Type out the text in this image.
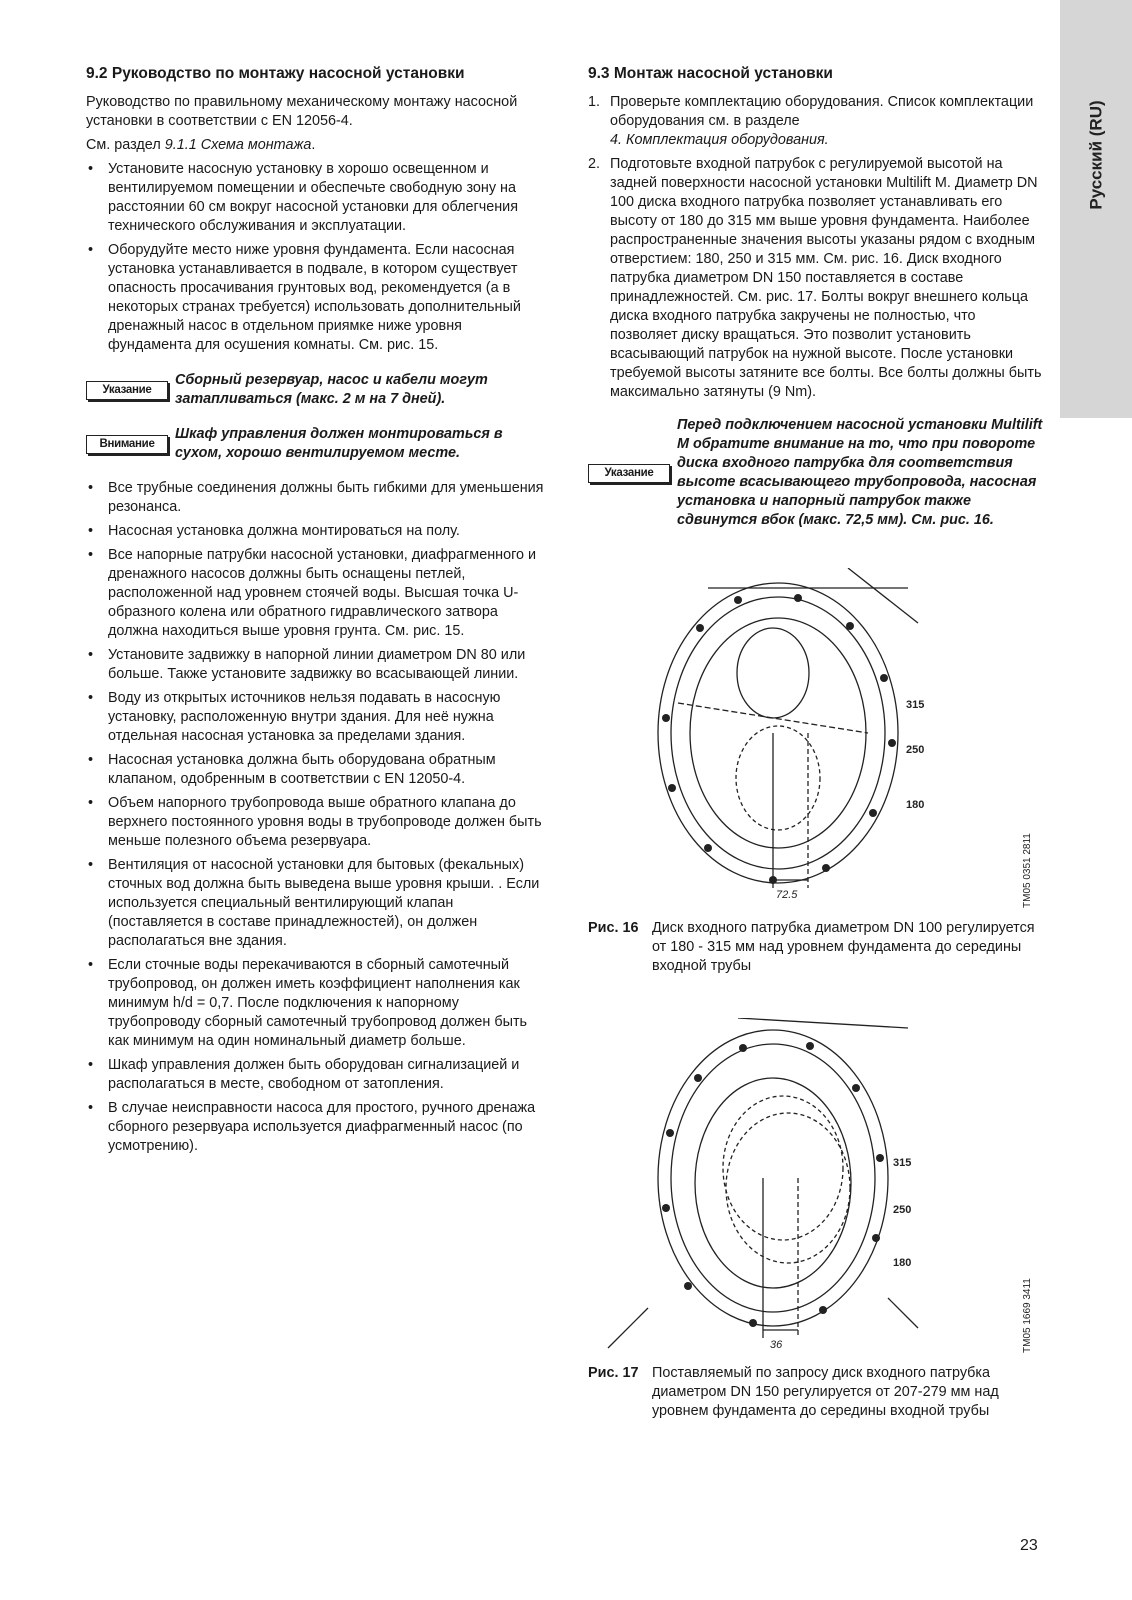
Русский (RU)
9.2 Руководство по монтажу насосной установки

Руководство по правильному механическому монтажу насосной установки в соответствии с EN 12056-4.

См. раздел 9.1.1 Схема монтажа.

• Установите насосную установку в хорошо освещенном и вентилируемом помещении и обеспечьте свободную зону на расстоянии 60 см вокруг насосной установки для облегчения технического обслуживания и эксплуатации.
• Оборудуйте место ниже уровня фундамента. Если насосная установка устанавливается в подвале, в котором существует опасность просачивания грунтовых вод, рекомендуется (а в некоторых странах требуется) использовать дополнительный дренажный насос в отдельном приямке ниже уровня фундамента для осушения комнаты. См. рис. 15.
Указание
Сборный резервуар, насос и кабели могут затапливаться (макс. 2 м на 7 дней).
Внимание
Шкаф управления должен монтироваться в сухом, хорошо вентилируемом месте.
• Все трубные соединения должны быть гибкими для уменьшения резонанса.
• Насосная установка должна монтироваться на полу.
• Все напорные патрубки насосной установки, диафрагменного и дренажного насосов должны быть оснащены петлей, расположенной над уровнем стоячей воды. Высшая точка U-образного колена или обратного гидравлического затвора должна находиться выше уровня грунта. См. рис. 15.
• Установите задвижку в напорной линии диаметром DN 80 или больше. Также установите задвижку во всасывающей линии.
• Воду из открытых источников нельзя подавать в насосную установку, расположенную внутри здания. Для неё нужна отдельная насосная установка за пределами здания.
• Насосная установка должна быть оборудована обратным клапаном, одобренным в соответствии с EN 12050-4.
• Объем напорного трубопровода выше обратного клапана до верхнего постоянного уровня воды в трубопроводе должен быть меньше полезного объема резервуара.
• Вентиляция от насосной установки для бытовых (фекальных) сточных вод должна быть выведена выше уровня крыши. . Если используется специальный вентилирующий клапан (поставляется в составе принадлежностей), он должен располагаться вне здания.
• Если сточные воды перекачиваются в сборный самотечный трубопровод, он должен иметь коэффициент наполнения как минимум h/d = 0,7. После подключения к напорному трубопроводу сборный самотечный трубопровод должен быть как минимум на один номинальный диаметр больше.
• Шкаф управления должен быть оборудован сигнализацией и располагаться в месте, свободном от затопления.
• В случае неисправности насоса для простого, ручного дренажа сборного резервуара используется диафрагменный насос (по усмотрению).
9.3 Монтаж насосной установки
1. Проверьте комплектацию оборудования. Список комплектации оборудования см. в разделе
4. Комплектация оборудования.
2. Подготовьте входной патрубок с регулируемой высотой на задней поверхности насосной установки Multilift M. Диаметр DN 100 диска входного патрубка позволяет устанавливать его высоту от 180 до 315 мм выше уровня фундамента. Наиболее распространенные значения высоты указаны рядом с входным отверстием: 180, 250 и 315 мм. См. рис. 16. Диск входного патрубка диаметром DN 150 поставляется в составе принадлежностей. См. рис. 17. Болты вокруг внешнего кольца диска входного патрубка закручены не полностью, что позволяет диску вращаться. Это позволит установить всасывающий патрубок на нужной высоте. После установки требуемой высоты затяните все болты. Все болты должны быть максимально затянуты (9 Nm).
Указание
Перед подключением насосной установки Multilift M обратите внимание на то, что при повороте диска входного патрубка для соответствия высоте всасывающего трубопровода, насосная установка и напорный патрубок также сдвинутся вбок (макс. 72,5 мм). См. рис. 16.
315
250
180
72.5	TM05 0351 2811
Рис. 16 Диск входного патрубка диаметром DN 100 регулируется от 180 - 315 мм над уровнем фундамента до середины входной трубы
315
250
180
36	TM05 1669 3411
Рис. 17 Поставляемый по запросу диск входного патрубка диаметром DN 150 регулируется от 207-279 мм над уровнем фундамента до середины входной трубы
23
